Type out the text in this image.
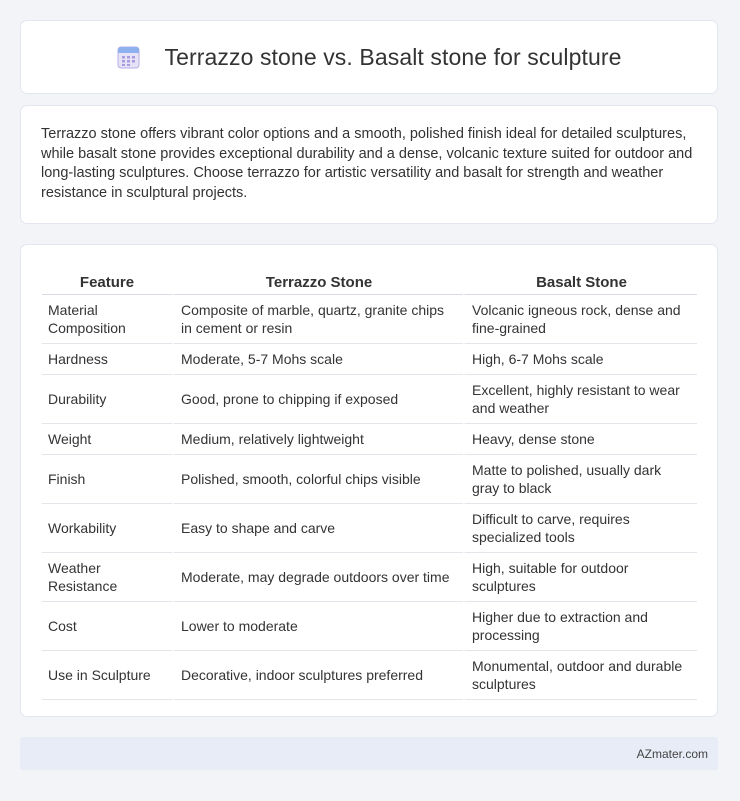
Terrazzo stone vs. Basalt stone for sculpture

Terrazzo stone offers vibrant color options and a smooth, polished finish ideal for detailed sculptures, while basalt stone provides exceptional durability and a dense, volcanic texture suited for outdoor and long-lasting sculptures. Choose terrazzo for artistic versatility and basalt for strength and weather resistance in sculptural projects.

Feature	Terrazzo Stone	Basalt Stone
Material Composition	Composite of marble, quartz, granite chips in cement or resin	Volcanic igneous rock, dense and fine-grained
Hardness	Moderate, 5-7 Mohs scale	High, 6-7 Mohs scale
Durability	Good, prone to chipping if exposed	Excellent, highly resistant to wear and weather
Weight	Medium, relatively lightweight	Heavy, dense stone
Finish	Polished, smooth, colorful chips visible	Matte to polished, usually dark gray to black
Workability	Easy to shape and carve	Difficult to carve, requires specialized tools
Weather Resistance	Moderate, may degrade outdoors over time	High, suitable for outdoor sculptures
Cost	Lower to moderate	Higher due to extraction and processing
Use in Sculpture	Decorative, indoor sculptures preferred	Monumental, outdoor and durable sculptures
AZmater.com
